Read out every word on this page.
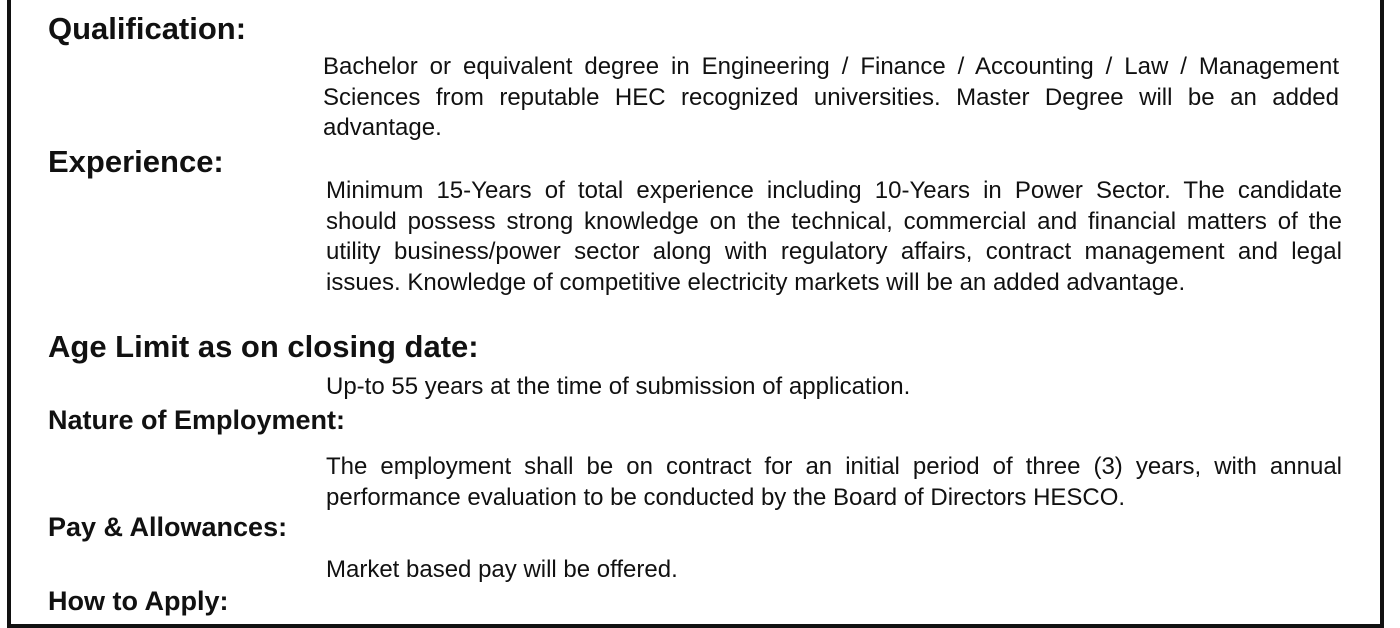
Qualification:

Bachelor or equivalent degree in Engineering / Finance / Accounting / Law / Management Sciences from reputable HEC recognized universities. Master Degree will be an added advantage.

Experience:

Minimum 15-Years of total experience including 10-Years in Power Sector. The candidate should possess strong knowledge on the technical, commercial and financial matters of the utility business/power sector along with regulatory affairs, contract management and legal issues. Knowledge of competitive electricity markets will be an added advantage.

Age Limit as on closing date:

Up-to 55 years at the time of submission of application.

Nature of Employment:

The employment shall be on contract for an initial period of three (3) years, with annual performance evaluation to be conducted by the Board of Directors HESCO.

Pay & Allowances:

Market based pay will be offered.

How to Apply:
